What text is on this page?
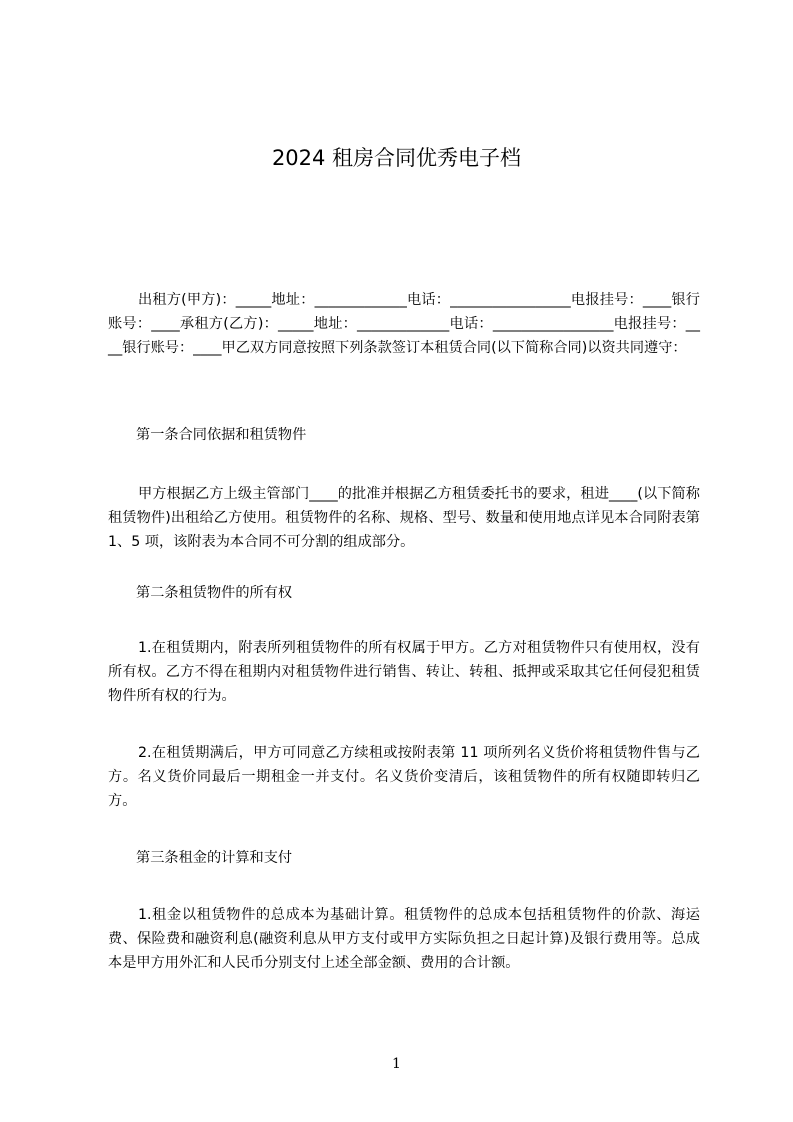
2024 租房合同优秀电子档

出租方(甲方)：_____地址：_____________电话：_________________电报挂号：____银行账号：____承租方(乙方)：_____地址：_____________电话：_________________电报挂号：____银行账号：____甲乙双方同意按照下列条款签订本租赁合同(以下简称合同)以资共同遵守：

第一条合同依据和租赁物件

甲方根据乙方上级主管部门____的批准并根据乙方租赁委托书的要求，租进____(以下简称租赁物件)出租给乙方使用。租赁物件的名称、规格、型号、数量和使用地点详见本合同附表第 1、5 项，该附表为本合同不可分割的组成部分。

第二条租赁物件的所有权

1.在租赁期内，附表所列租赁物件的所有权属于甲方。乙方对租赁物件只有使用权，没有所有权。乙方不得在租期内对租赁物件进行销售、转让、转租、抵押或采取其它任何侵犯租赁物件所有权的行为。

2.在租赁期满后，甲方可同意乙方续租或按附表第 11 项所列名义货价将租赁物件售与乙方。名义货价同最后一期租金一并支付。名义货价变清后，该租赁物件的所有权随即转归乙方。

第三条租金的计算和支付

1.租金以租赁物件的总成本为基础计算。租赁物件的总成本包括租赁物件的价款、海运费、保险费和融资利息(融资利息从甲方支付或甲方实际负担之日起计算)及银行费用等。总成本是甲方用外汇和人民币分别支付上述全部金额、费用的合计额。

1
